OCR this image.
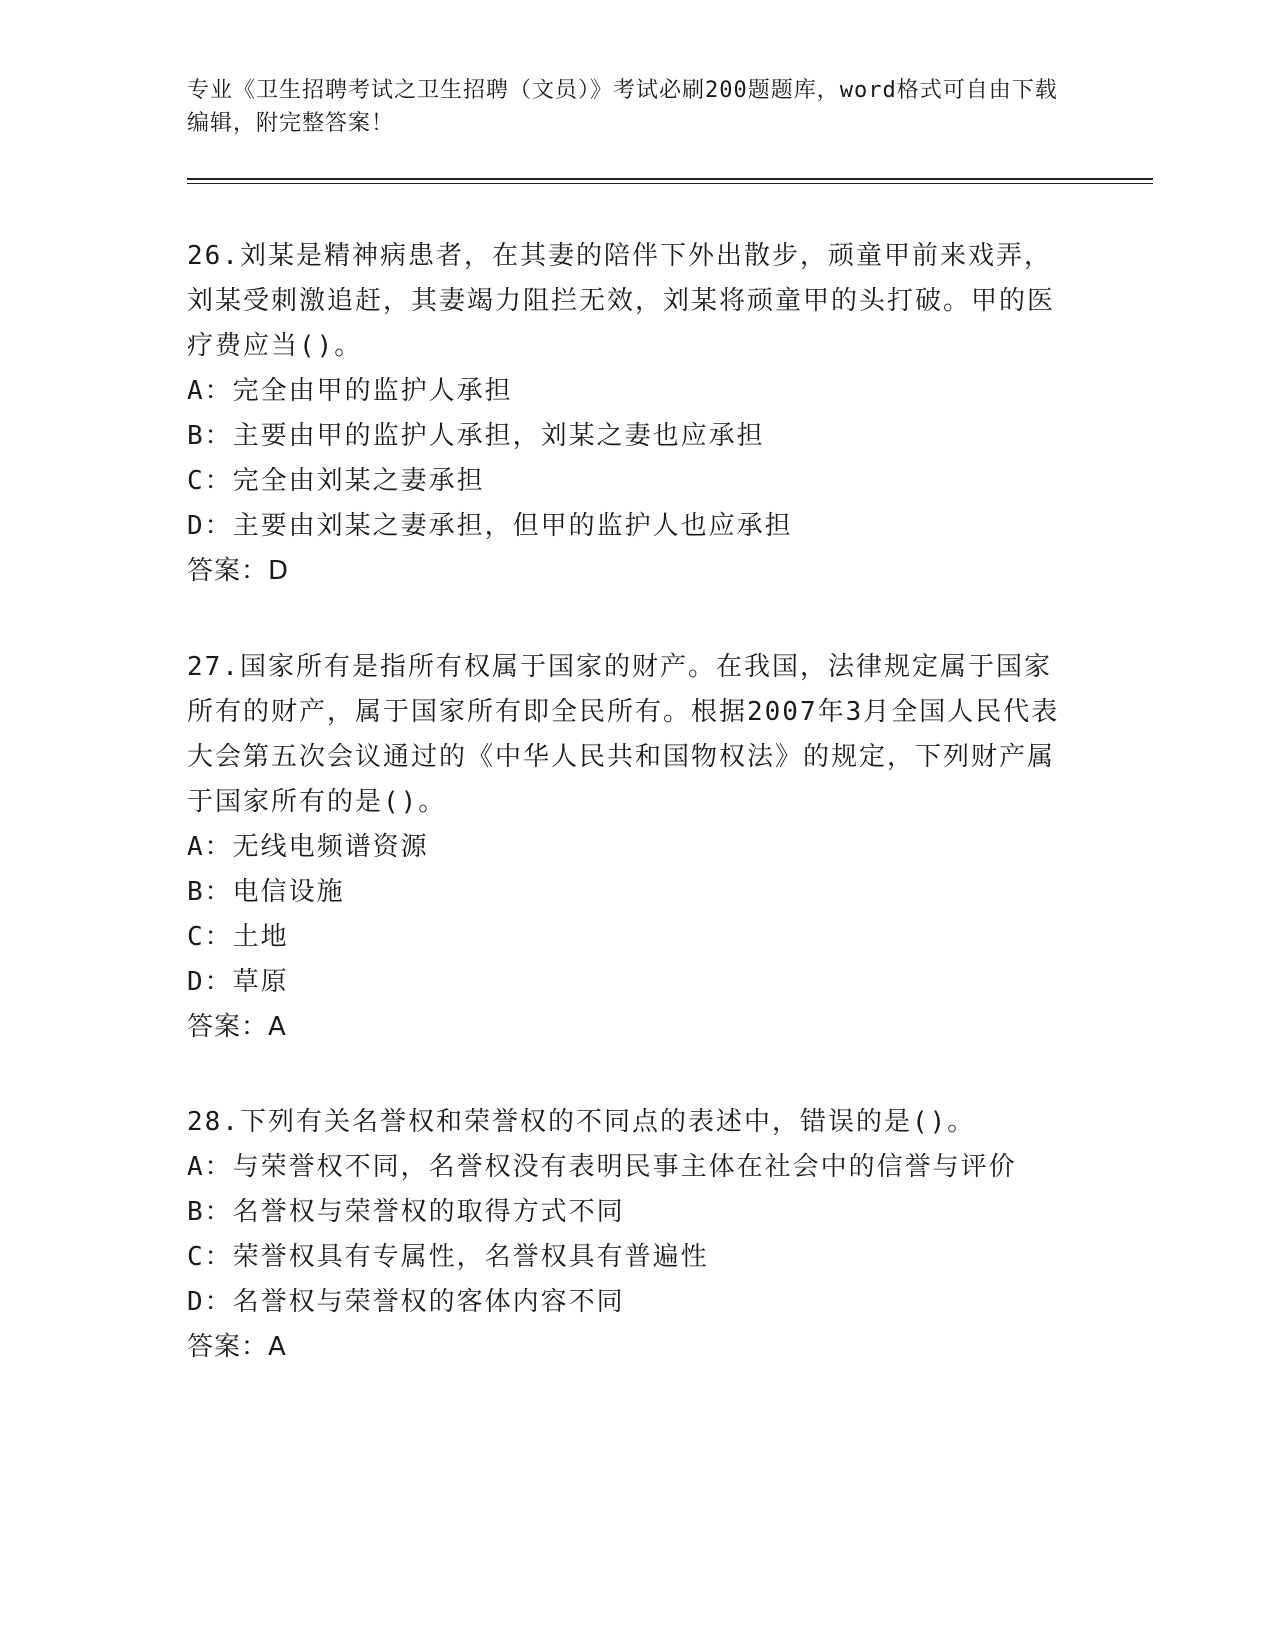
专业《卫生招聘考试之卫生招聘（文员）》考试必刷200题题库，word格式可自由下载编辑，附完整答案！

26.刘某是精神病患者，在其妻的陪伴下外出散步，顽童甲前来戏弄，刘某受刺激追赶，其妻竭力阻拦无效，刘某将顽童甲的头打破。甲的医疗费应当()。

A：完全由甲的监护人承担

B：主要由甲的监护人承担，刘某之妻也应承担

C：完全由刘某之妻承担

D：主要由刘某之妻承担，但甲的监护人也应承担

答案：D

27.国家所有是指所有权属于国家的财产。在我国，法律规定属于国家所有的财产，属于国家所有即全民所有。根据2007年3月全国人民代表大会第五次会议通过的《中华人民共和国物权法》的规定，下列财产属于国家所有的是()。

A：无线电频谱资源

B：电信设施

C：土地

D：草原

答案：A

28.下列有关名誉权和荣誉权的不同点的表述中，错误的是()。

A：与荣誉权不同，名誉权没有表明民事主体在社会中的信誉与评价

B：名誉权与荣誉权的取得方式不同

C：荣誉权具有专属性，名誉权具有普遍性

D：名誉权与荣誉权的客体内容不同

答案：A
